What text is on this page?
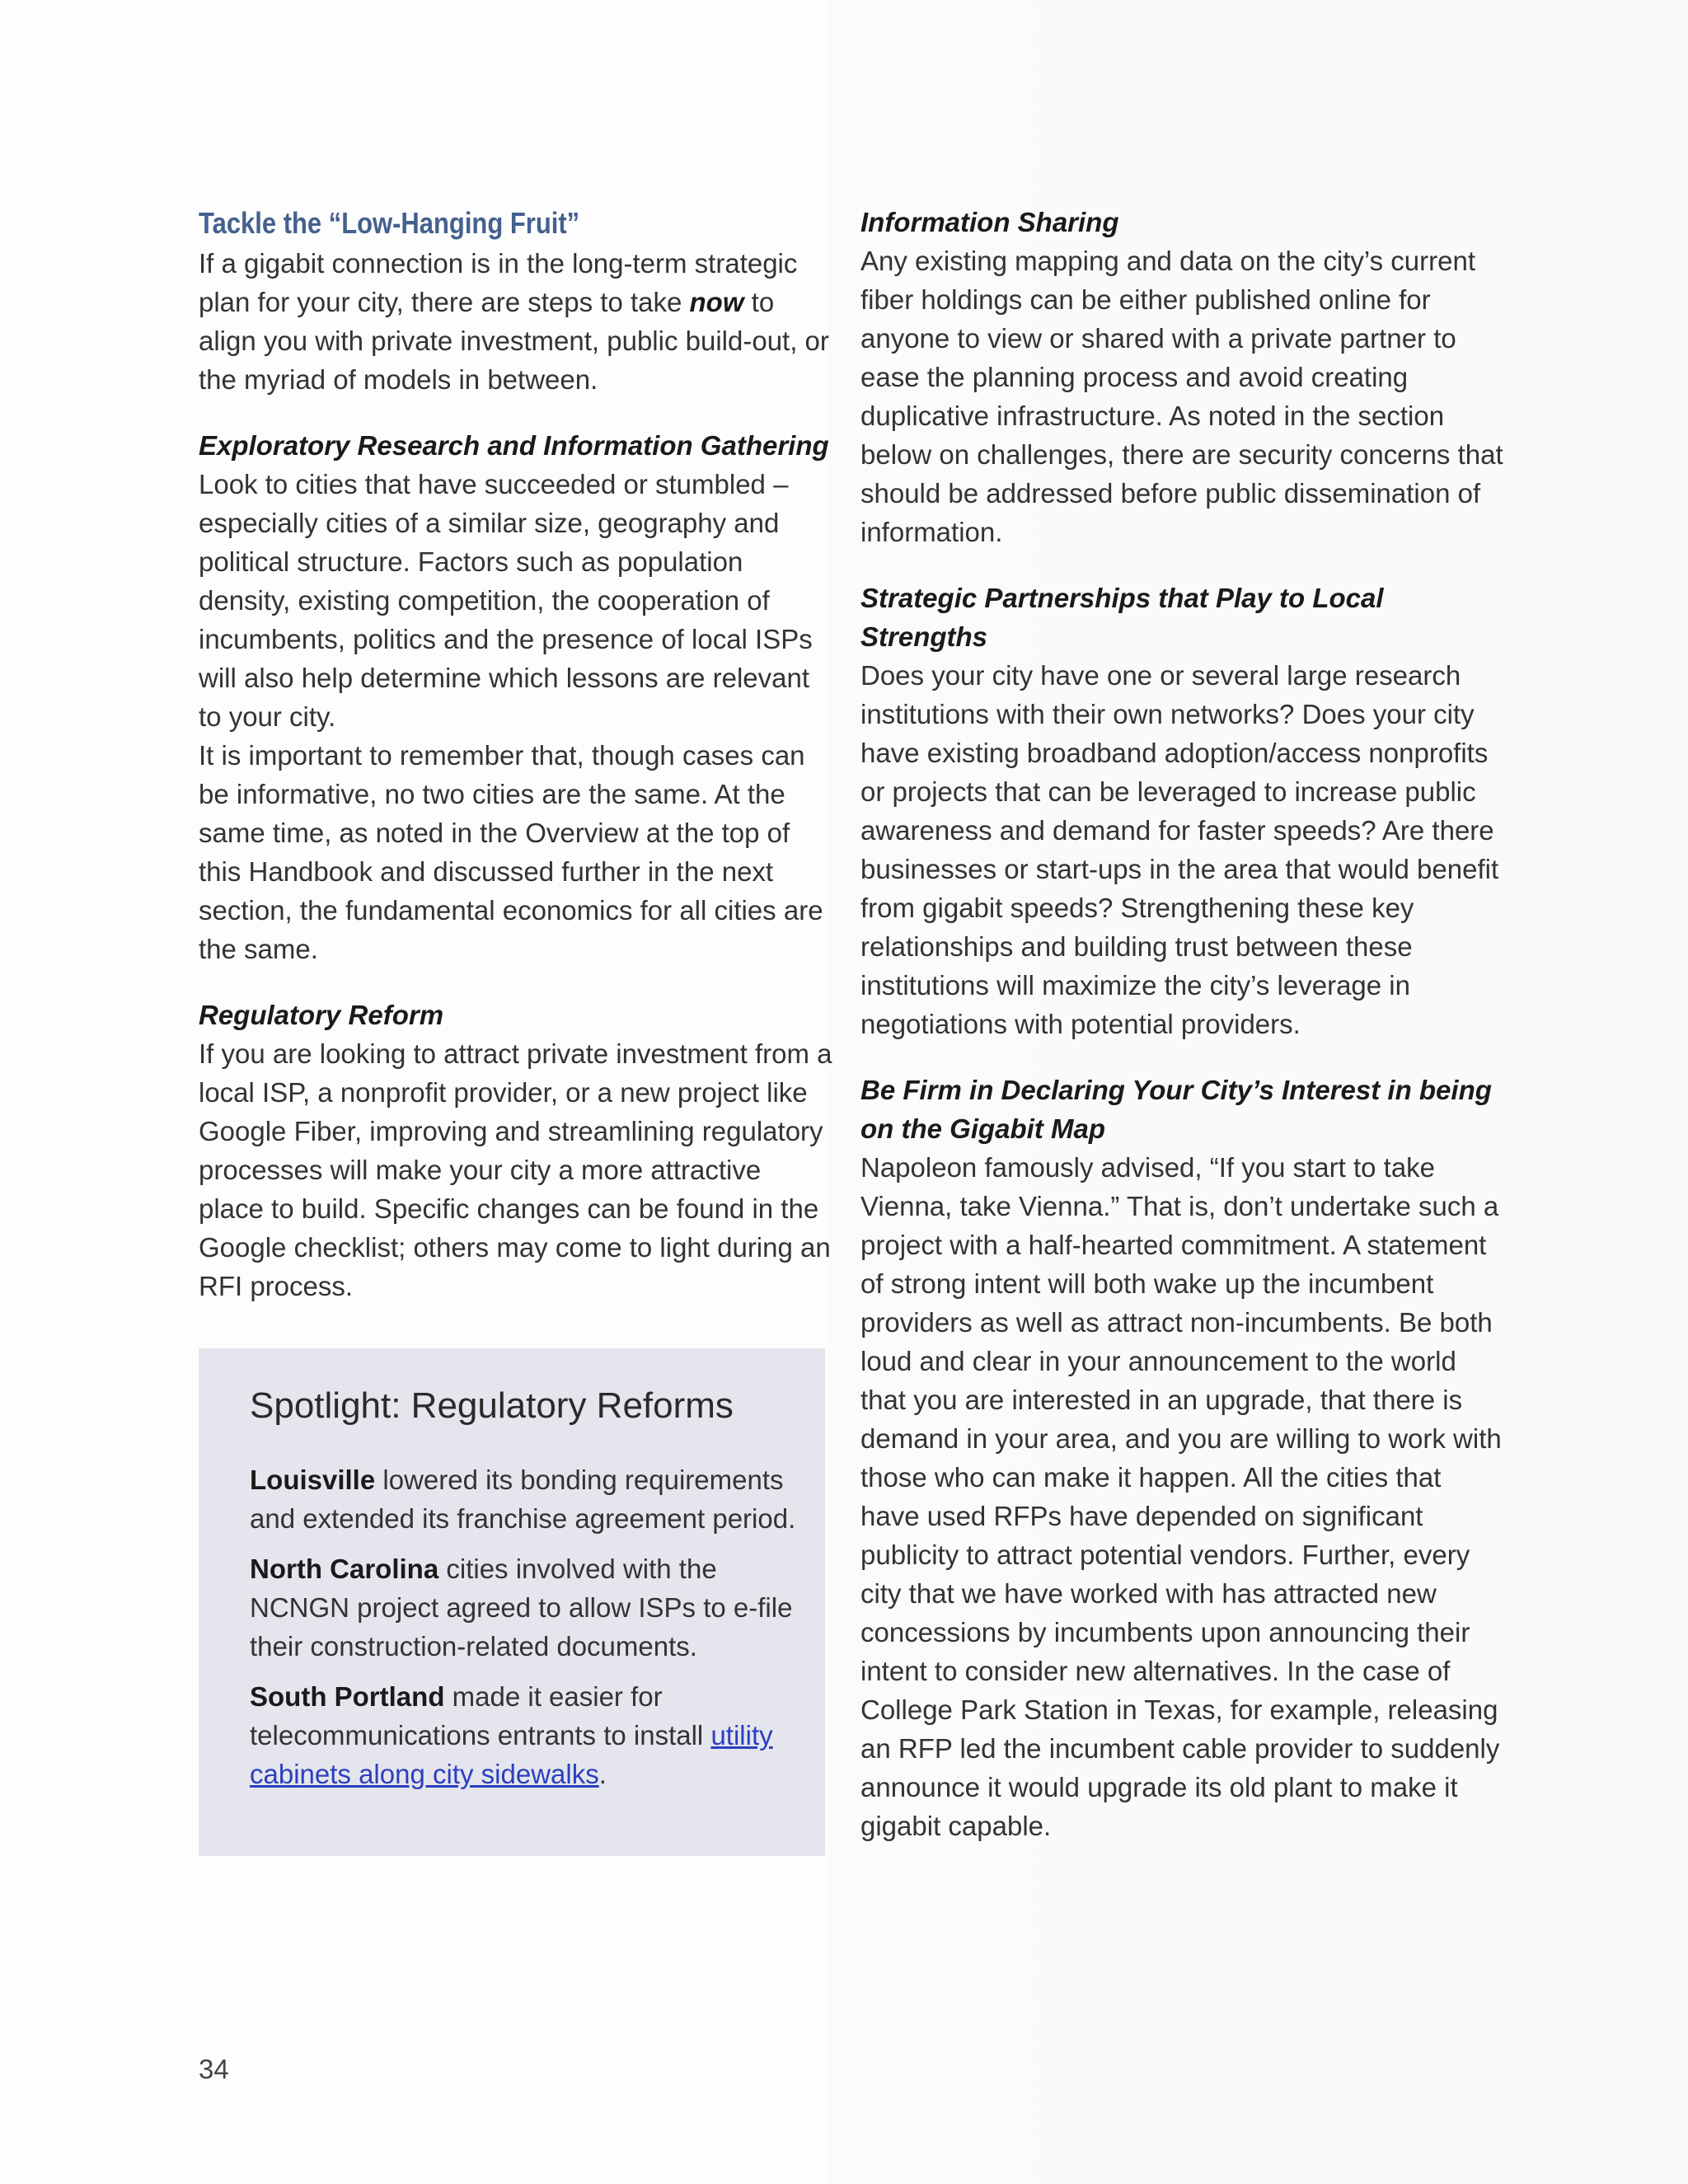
Tackle the “Low-Hanging Fruit”

If a gigabit connection is in the long-term strategic plan for your city, there are steps to take now to align you with private investment, public build-out, or the myriad of models in between.

Exploratory Research and Information Gathering

Look to cities that have succeeded or stumbled – especially cities of a similar size, geography and political structure. Factors such as population density, existing competition, the cooperation of incumbents, politics and the presence of local ISPs will also help determine which lessons are relevant to your city.

It is important to remember that, though cases can be informative, no two cities are the same. At the same time, as noted in the Overview at the top of this Handbook and discussed further in the next section, the fundamental economics for all cities are the same.

Regulatory Reform

If you are looking to attract private investment from a local ISP, a nonprofit provider, or a new project like Google Fiber, improving and streamlining regulatory processes will make your city a more attractive place to build. Specific changes can be found in the Google checklist; others may come to light during an RFI process.

Spotlight: Regulatory Reforms

Louisville lowered its bonding requirements and extended its franchise agreement period.

North Carolina cities involved with the NCNGN project agreed to allow ISPs to e-file their construction-related documents.

South Portland made it easier for telecommunications entrants to install utility cabinets along city sidewalks.

Information Sharing

Any existing mapping and data on the city’s current fiber holdings can be either published online for anyone to view or shared with a private partner to ease the planning process and avoid creating duplicative infrastructure. As noted in the section below on challenges, there are security concerns that should be addressed before public dissemination of information.

Strategic Partnerships that Play to Local Strengths

Does your city have one or several large research institutions with their own networks? Does your city have existing broadband adoption/access nonprofits or projects that can be leveraged to increase public awareness and demand for faster speeds? Are there businesses or start-ups in the area that would benefit from gigabit speeds? Strengthening these key relationships and building trust between these institutions will maximize the city’s leverage in negotiations with potential providers.

Be Firm in Declaring Your City’s Interest in being on the Gigabit Map

Napoleon famously advised, “If you start to take Vienna, take Vienna.” That is, don’t undertake such a project with a half-hearted commitment. A statement of strong intent will both wake up the incumbent providers as well as attract non-incumbents. Be both loud and clear in your announcement to the world that you are interested in an upgrade, that there is demand in your area, and you are willing to work with those who can make it happen. All the cities that have used RFPs have depended on significant publicity to attract potential vendors. Further, every city that we have worked with has attracted new concessions by incumbents upon announcing their intent to consider new alternatives. In the case of College Park Station in Texas, for example, releasing an RFP led the incumbent cable provider to suddenly announce it would upgrade its old plant to make it gigabit capable.

34
